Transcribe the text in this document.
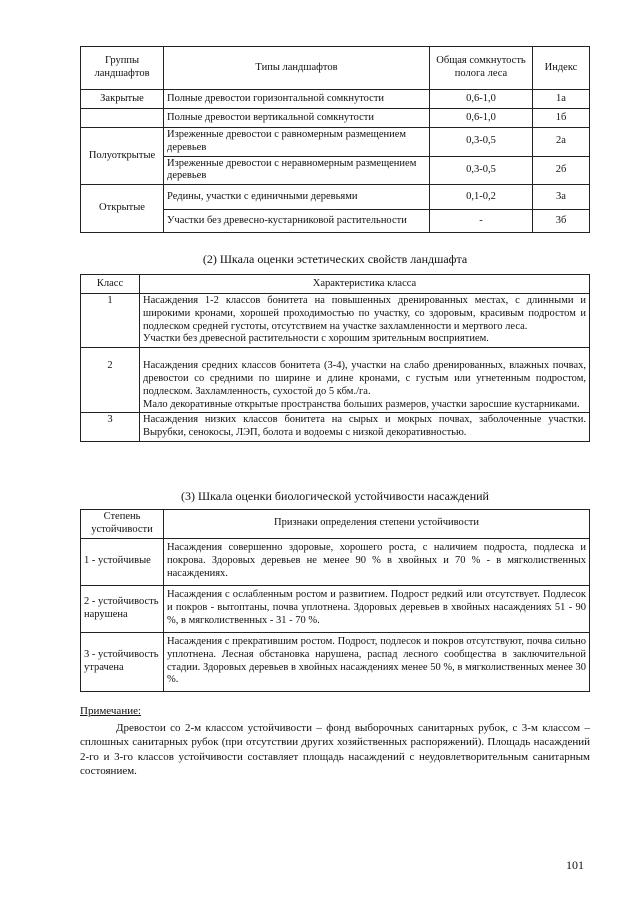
Группы ландшафтов	Типы ландшафтов	Общая сомкнутость полога леса	Индекс
Закрытые	Полные древостои горизонтальной сомкнутости	0,6-1,0	1а
	Полные древостои вертикальной сомкнутости	0,6-1,0	1б
Полуоткрытые	Изреженные древостои с равномерным размещением деревьев	0,3-0,5	2а
	Изреженные древостои с неравномерным размещением деревьев	0,3-0,5	2б
Открытые	Редины, участки с единичными деревьями	0,1-0,2	3а
	Участки без древесно-кустарниковой растительности	-	3б
(2) Шкала оценки эстетических свойств ландшафта
Класс	Характеристика класса
1	Насаждения 1-2 классов бонитета на повышенных дренированных местах, с длинными и широкими кронами, хорошей проходимостью по участку, со здоровым, красивым подростом и подлеском средней густоты, отсутствием на участке захламленности и мертвого леса.

Участки без древесной растительности с хорошим зрительным восприятием.

2	Насаждения средних классов бонитета (3-4), участки на слабо дренированных, влажных почвах, древостои со средними по ширине и длине кронами, с густым или угнетенным подростом, подлеском. Захламленность, сухостой до 5 кбм./га.

Мало декоративные открытые пространства больших размеров, участки заросшие кустарниками.

3	Насаждения низких классов бонитета на сырых и мокрых почвах, заболоченные участки. Вырубки, сенокосы, ЛЭП, болота и водоемы с низкой декоративностью.

(3) Шкала оценки биологической устойчивости насаждений
Степень устойчивости	Признаки определения степени устойчивости
1 - устойчивые	Насаждения совершенно здоровые, хорошего роста, с наличием подроста, подлеска и покрова. Здоровых деревьев не менее 90 % в хвойных и 70 % - в мягколиственных насаждениях.
2 - устойчивость нарушена	Насаждения с ослабленным ростом и развитием. Подрост редкий или отсутствует. Подлесок и покров - вытоптаны, почва уплотнена. Здоровых деревьев в хвойных насаждениях 51 - 90 %, в мягколиственных - 31 - 70 %.
3 - устойчивость утрачена	Насаждения с прекратившим ростом. Подрост, подлесок и покров отсутствуют, почва сильно уплотнена. Лесная обстановка нарушена, распад лесного сообщества в заключительной стадии. Здоровых деревьев в хвойных насаждениях менее 50 %, в мягколиственных менее 30 %.
Примечание:

Древостои со 2-м классом устойчивости – фонд выборочных санитарных рубок, с 3-м классом – сплошных санитарных рубок (при отсутствии других хозяйственных распоряжений). Площадь насаждений 2-го и 3-го классов устойчивости составляет площадь насаждений с неудовлетворительным санитарным состоянием.

101
